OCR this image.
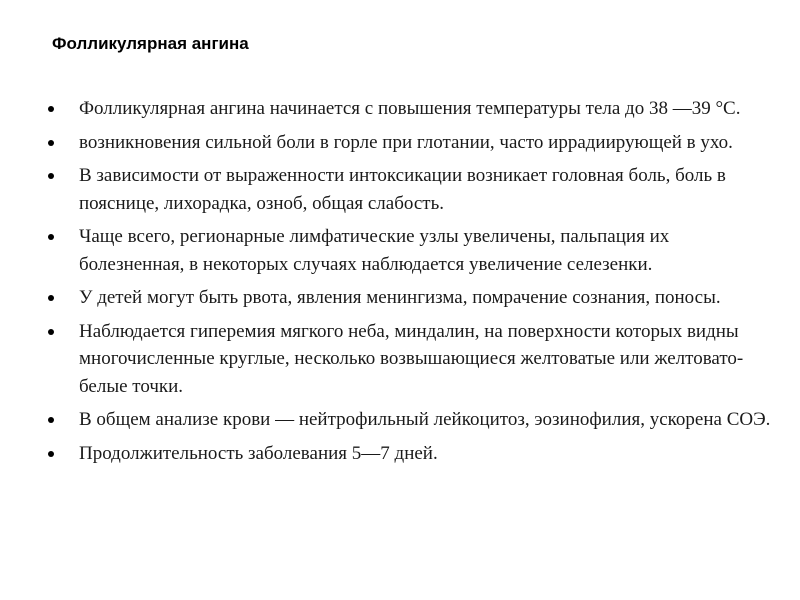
Фолликулярная ангина
Фолликулярная ангина начинается с повышения температуры тела до 38 —39 °С.
возникновения сильной боли в горле при глотании, часто иррадиирующей в ухо.
В зависимости от выраженности интоксикации возникает головная боль, боль в пояснице, лихорадка, озноб, общая слабость.
Чаще всего, регионарные лимфатические узлы увеличены, пальпация их болезненная, в некоторых случаях наблюдается увеличение селезенки.
У детей могут быть рвота, явления менингизма, помрачение сознания, поносы.
Наблюдается гиперемия мягкого неба, миндалин, на поверхности которых видны многочисленные круглые, несколько возвышающиеся желтоватые или желтовато-белые точки.
В общем анализе крови — нейтрофильный лейкоцитоз, эозинофилия, ускорена СОЭ.
Продолжительность заболевания 5—7 дней.
